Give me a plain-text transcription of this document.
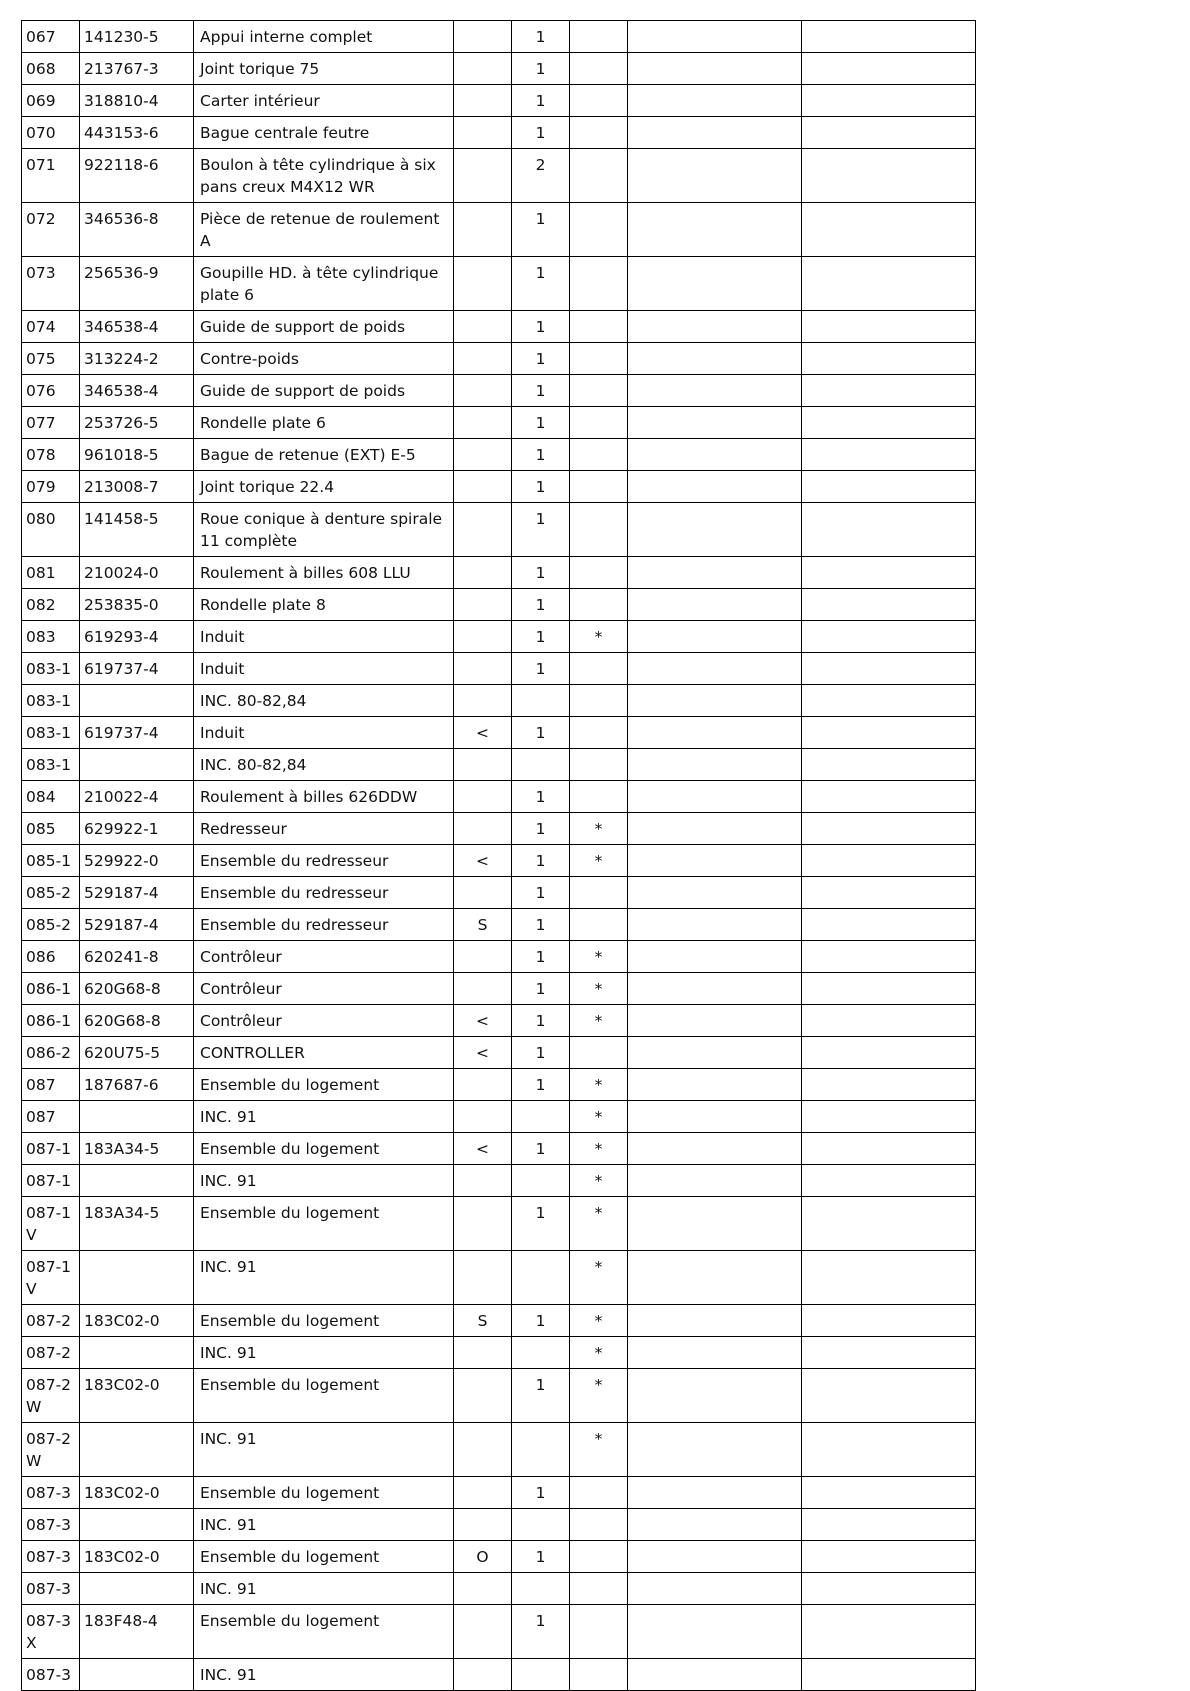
067	141230-5	Appui interne complet		1			
068	213767-3	Joint torique 75		1			
069	318810-4	Carter intérieur		1			
070	443153-6	Bague centrale feutre		1			
071	922118-6	Boulon à tête cylindrique à six pans creux M4X12 WR		2			
072	346536-8	Pièce de retenue de roulement A		1			
073	256536-9	Goupille HD. à tête cylindrique plate 6		1			
074	346538-4	Guide de support de poids		1			
075	313224-2	Contre-poids		1			
076	346538-4	Guide de support de poids		1			
077	253726-5	Rondelle plate 6		1			
078	961018-5	Bague de retenue (EXT) E-5		1			
079	213008-7	Joint torique 22.4		1			
080	141458-5	Roue conique à denture spirale 11 complète		1			
081	210024-0	Roulement à billes 608 LLU		1			
082	253835-0	Rondelle plate 8		1			
083	619293-4	Induit		1	*		
083-1	619737-4	Induit		1			
083-1		INC. 80-82,84					
083-1	619737-4	Induit	<	1			
083-1		INC. 80-82,84					
084	210022-4	Roulement à billes 626DDW		1			
085	629922-1	Redresseur		1	*		
085-1	529922-0	Ensemble du redresseur	<	1	*		
085-2	529187-4	Ensemble du redresseur		1			
085-2	529187-4	Ensemble du redresseur	S	1			
086	620241-8	Contrôleur		1	*		
086-1	620G68-8	Contrôleur		1	*		
086-1	620G68-8	Contrôleur	<	1	*		
086-2	620U75-5	CONTROLLER	<	1			
087	187687-6	Ensemble du logement		1	*		
087		INC. 91			*		
087-1	183A34-5	Ensemble du logement	<	1	*		
087-1		INC. 91			*		
087-1V	183A34-5	Ensemble du logement		1	*		
087-1V		INC. 91			*		
087-2	183C02-0	Ensemble du logement	S	1	*		
087-2		INC. 91			*		
087-2W	183C02-0	Ensemble du logement		1	*		
087-2W		INC. 91			*		
087-3	183C02-0	Ensemble du logement		1			
087-3		INC. 91					
087-3	183C02-0	Ensemble du logement	O	1			
087-3		INC. 91					
087-3X	183F48-4	Ensemble du logement		1			
087-3		INC. 91					
